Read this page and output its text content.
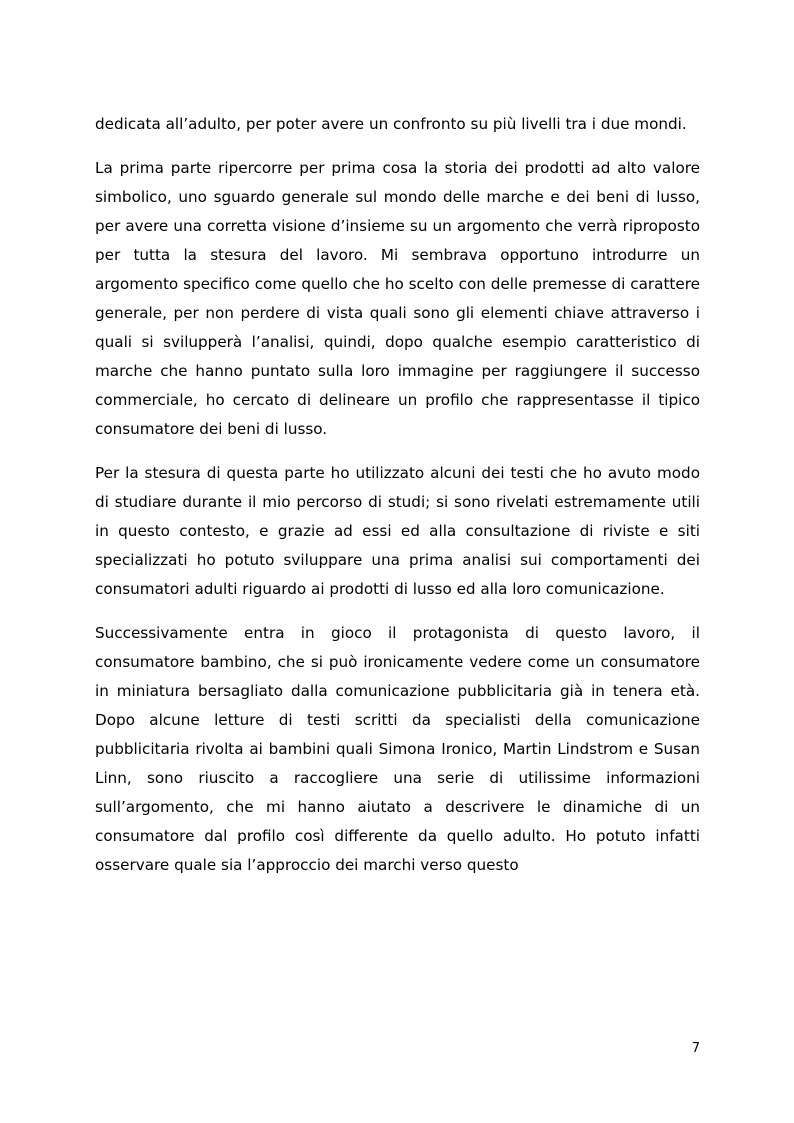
dedicata all’adulto, per poter avere un confronto su più livelli tra i due mondi.

La prima parte ripercorre per prima cosa la storia dei prodotti ad alto valore simbolico, uno sguardo generale sul mondo delle marche e dei beni di lusso, per avere una corretta visione d’insieme su un argomento che verrà riproposto per tutta la stesura del lavoro. Mi sembrava opportuno introdurre un argomento specifico come quello che ho scelto con delle premesse di carattere generale, per non perdere di vista quali sono gli elementi chiave attraverso i quali si svilupperà l’analisi, quindi, dopo qualche esempio caratteristico di marche che hanno puntato sulla loro immagine per raggiungere il successo commerciale, ho cercato di delineare un profilo che rappresentasse il tipico consumatore dei beni di lusso.

Per la stesura di questa parte ho utilizzato alcuni dei testi che ho avuto modo di studiare durante il mio percorso di studi; si sono rivelati estremamente utili in questo contesto, e grazie ad essi ed alla consultazione di riviste e siti specializzati ho potuto sviluppare una prima analisi sui comportamenti dei consumatori adulti riguardo ai prodotti di lusso ed alla loro comunicazione.

Successivamente entra in gioco il protagonista di questo lavoro, il consumatore bambino, che si può ironicamente vedere come un consumatore in miniatura bersagliato dalla comunicazione pubblicitaria già in tenera età. Dopo alcune letture di testi scritti da specialisti della comunicazione pubblicitaria rivolta ai bambini quali Simona Ironico, Martin Lindstrom e Susan Linn, sono riuscito a raccogliere una serie di utilissime informazioni sull’argomento, che mi hanno aiutato a descrivere le dinamiche di un consumatore dal profilo così differente da quello adulto. Ho potuto infatti osservare quale sia l’approccio dei marchi verso questo

7
